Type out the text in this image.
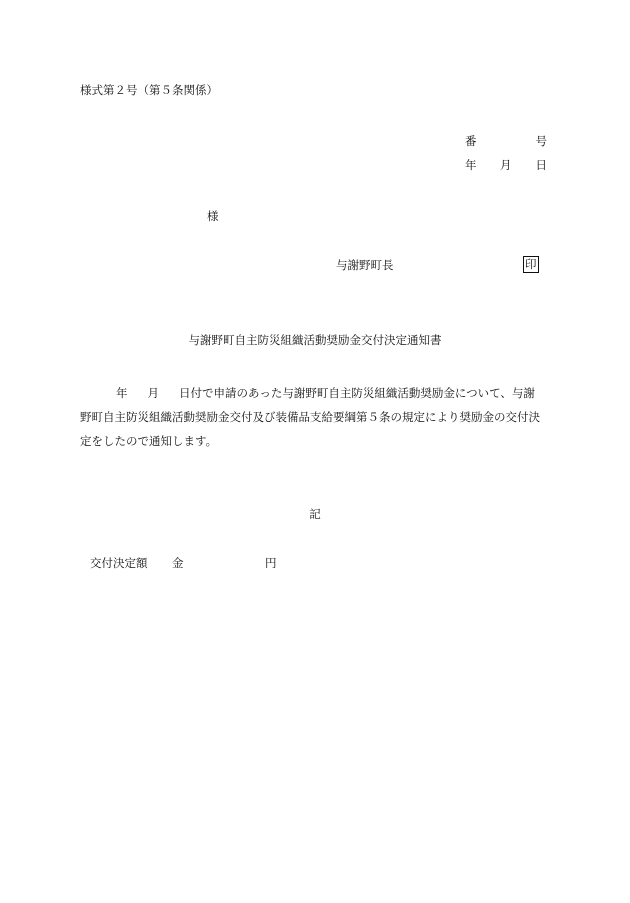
様式第２号（第５条関係）
番	号
年 月 日
様
与謝野町長	印
与謝野町自主防災組織活動奨励金交付決定通知書
年 月 日付で申請のあった与謝野町自主防災組織活動奨励金について、与謝
野町自主防災組織活動奨励金交付及び装備品支給要綱第５条の規定により奨励金の交付決
定をしたので通知します。
記
交付決定額 金	円
